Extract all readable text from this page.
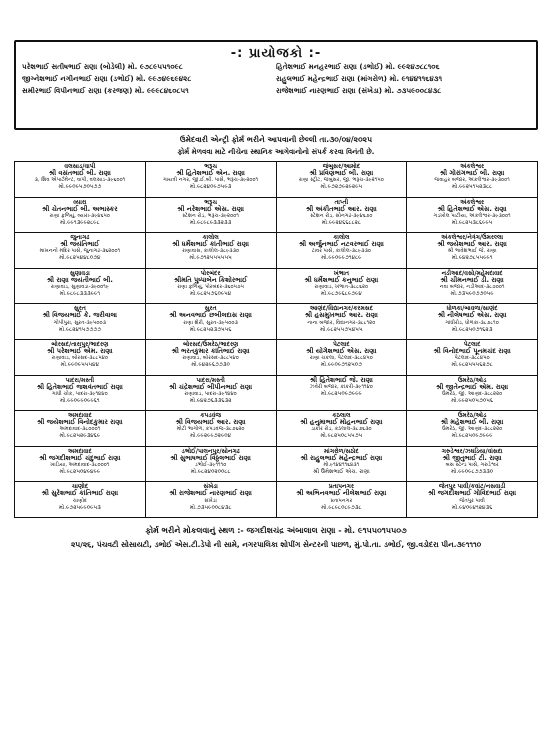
-: પ્રાયોજકો :-
પરેશભાઈ સતીષભાઈ રાણા (બોડેલી) મો. ૯૭૮૯૫૫૧૦૯૮	હિતેશભાઈ મનહરભાઈ રાણા (ડભોઈ) મો. ૯૯૨૪૭૮૮૧૦૬
જીગ્નેશભાઈ નગીનભાઈ રાણા (ડભોઈ) મો. ૯૯૭૪૯૬૯૪૨૮	રાહુલભાઈ મહેન્દ્રભાઈ રાણા (માંગરોળ) મો. ૯૧૪૪૧૧૬૪૩૧
સમીરભાઈ વિપીનભાઈ રાણા (કરજણ) મો. ૯૯૯૮૪૬૦૮૫૧	રાજેશભાઈ નારણભાઈ રાણા (સંખેડા) મો. ૭૩૫૯૦૦૮૪૩૮
ઉમેદવારી એન્ટ્રી ફોર્મ ભરીને આપવાની છેલ્લી તા.૩૦/૦૪/૨૦૨૫
ફોર્મ મેળવવા માટે નીચેના સ્થાનિક આગેવાનોનો સંપર્ક કરવા વિનંતી છે.
વલસાડ/વાપી
શ્રી વસંતભાઈ બી. રાણા
૩, શિવ એપાર્ટમેન્ટ, વાપી, વલસાડ-૩૯૬૦૦૧
મો.૯૯૦૯૫૭૦૫૭૭
ભરૂચ
શ્રી હિતેશભાઈ એન. રાણા
ગાયત્રી નગર, જી.ઈ.બી. પાસે, ભરૂચ-૩૯૨૦૦૧
મો.૯૮૨૪૦૯૭૫૯૩
જંબુસર/આમોદ
શ્રી પ્રવિણભાઈ બી. રાણા
રાણા સ્ટ્રીટ, જંબુસર, જી. ભરૂચ-૩૯૨૧૫૦
મો.૯૭૨૭૯૨૯૨૯૫
અંકલેશ્વર
શ્રી ગોરાંગભાઈ બી. રાણા
જવાહર બજાર, અંકલેશ્વર-૩૯૩૦૦૧
મો.૯૯૨૫૧૫૨૩૮૮
વ્યારા
શ્રી ચેતનભાઈ બી. અભાસ્કર
રાણા ફળિયું, વ્યારા-૩૯૪૬૫૦
મો.૯૯૧૩૯૯૨૮૯૮
ભરૂચ
શ્રી નરેશભાઈ એસ. રાણા
સ્ટેશન રોડ, ભરૂચ-૩૯૨૦૦૧
મો.૯૮૯૮૯૩૩૨૩૩
તાપ્તી
શ્રી અંકીતભાઈ આર. રાણા
સ્ટેશન રોડ, સોનગઢ-૩૯૪૬૭૦
મો.૯૯૨૪૬૬૮૮૨૮
અંકલેશ્વર
શ્રી હિતેશભાઈ એસ. રાણા
ગડખોલ પાટીયા, અંકલેશ્વર-૩૯૩૦૦૧
મો.૯૮૨૫૩૮૬૯૯૫
જુનાગઢ
શ્રી જયંતિભાઈ
માખનનો મંદિર પાસે, જુનાગઢ-૩૬૨૦૦૧
મો.૯૮૨૫૪૪૮૦૭૪
કાલોલ
શ્રી ધર્મેશભાઈ કાંતીભાઈ રાણા
રાણાવાસ, કાલોલ-૩૮૯૩૩૦
મો.૯૭૧૨૫૫૫૫૫૫
કાલોલ
શ્રી અર્જુનભાઈ નટવરભાઈ રાણા
ટાવર પાસે, કાલોલ-૩૮૯૩૩૦
મો.૯૯૦૯૯૭૧૪૮૯
અંકલેશ્વર/નેત્રંગ/ઉમરલ્લા
શ્રી જયેશભાઈ આર. રાણા
શ્રી ભાવેશભાઈ જે. રાણા
મો.૯૪૨૭૮૫૫૯૯૧
સુણાવડા
શ્રી રાણા જયંતીભાઈ બી.
રાણાવાડ, સુણાવડા-૩૯૦૦૧૯
મો.૯૮૯૮૩૩૩૯૯૧
પોરબંદર
શ્રીમતિ પુષ્પાબેન કિશોરભાઈ
રાણા ફળિયું, પોરબંદર-૩૬૦૫૭૫
મો.૯૮૨૫૭૬૦૯૫૪
ખંભાત
શ્રી ધર્મેશભાઈ કનુભાઈ રાણા
રાણાવાડ, ખંભાત-૩૮૮૬૨૦
મો.૯૮૭૯૬૮૯૭૯૪
નડીઆદ/વસો/મહેમદાવાદ
શ્રી ચીમનભાઈ ડી. રાણા
નવા બજાર, નડીઆદ-૩૮૭૦૦૧
મો.૭૩૫૯૦૭૭૦૫૯
સુરત
શ્રી વિજયભાઈ કે. જરીવાલા
ગોપીપુરા, સુરત-૩૯૫૦૦૩
મો.૯૮૨૪૧૫૭૭૭૭
સુરત
શ્રી અનવભાઈ છબીલદાસ રાણા
રાણા શેરી, સુરત-૩૯૫૦૦૩
મો.૯૮૨૫૨૩૭૫૫૬
આણંદ/વિદ્યાનગર/કરમસદ
શ્રી હસમુખભાઈ આર. રાણા
નાના બજાર, વિદ્યાનગર-૩૮૮૧૨૦
મો.૯૮૨૫૫૭૫૪૫૫
ધોળકા/બાવળા/સાણંદ
શ્રી નીલેષભાઈ એસ. રાણા
ગાંધીરોડ, ધોળકા-૩૮૭૮૧૦
મો.૯૮૨૫૦૭૧૬૨૩
બોરસદ/તારાપુર/ભાદરણ
શ્રી પરેશભાઈ એમ. રાણા
રાણાવાડ, બોરસદ-૩૮૮૫૪૦
મો.૯૯૦૯૫૫૫૪૪
બોરસદ/ઉમરેઠ/ભાદરણ
શ્રી ભરતકુમાર કાંતિભાઈ રાણા
રાણાવાડ, બોરસદ-૩૮૮૫૪૦
મો.૯૪૨૯૬૭૭૩૦
પેટલાદ
શ્રી યોગેશભાઈ એસ. રાણા
રાણા ચકલા, પેટલાદ-૩૮૮૪૫૦
મો.૯૯૦૯૭૧૨૫૦૭
પેટલાદ
શ્રી વિનોદભાઈ પૂનમચંદ રાણા
પેટલાદ-૩૮૮૪૫૦
મો.૯૮૨૫૫૫૬૨૭૮
પાદરા/મસ્તી
શ્રી હિતેશભાઈ જશવંતભાઈ રાણા
ગાંધી ચોક, પાદરા-૩૯૧૪૪૦
મો.૯૯૦૯૯૦૯૯૬૧
પાદરા/મસ્તી
શ્રી ચંદ્રેશભાઈ બીપીનભાઈ રાણા
રાણાવાડ, પાદરા-૩૯૧૪૪૦
મો.૯૪૨૭૬૩૩૬૩૨
શ્રી હિતેશભાઈ જે. રાણા
ઝવેરી બજાર, કાંકરી-૩૯૧૧૪૦
મો.૯૮૨૫૦૯૭૯૯૯
ઉમરેઠ/ઓડ
શ્રી જીતેન્દ્રભાઈ એમ. રાણા
ઉમરેઠ, જી. આણંદ-૩૮૮૨૨૦
મો.૯૯૨૫૦૫૭૦૫૬
અમદાવાદ
શ્રી જયેશભાઈ વિનોદકુમાર રાણા
અમદાવાદ-૩૮૦૦૦૧
મો.૯૮૨૫૨૯૩૪૬૯
કપડવંજ
શ્રી વિજયભાઈ આર. રાણા
મોટી ભાગોળ, કપડવંજ-૩૮૭૬૨૦
મો.૯૯૨૯૯૭૨૯૦૪
કઠલાલ
શ્રી હનુમાભાઈ મોહનભાઈ રાણા
ડાકોર રોડ, કઠલાલ-૩૮૭૬૩૦
મો.૯૮૨૫૦૮૫૫૭૫
ઉમરેઠ/ઓડ
શ્રી મહેશભાઈ બી. રાણા
ઉમરેઠ, જી. આણંદ-૩૮૮૨૨૦
મો.૯૮૨૫૦૯૭૯૯૯
અમદાવાદ
શ્રી જગદીશભાઈ ચંદુભાઈ રાણા
ખાડિયા, અમદાવાદ-૩૮૦૦૦૧
મો.૯૮૨૫૦૪૯૪૯૯
ડભોઈ/પાલનપુર/સોનગઢ
શ્રી સુભાષભાઈ વિઠ્ઠલભાઈ રાણા
ડભોઈ-૩૯૧૧૧૦
મો.૯૮૨૪૦૨૦૦૮૮
માંગરોળ/સઠોદ
શ્રી રાહુલભાઈ મહેન્દ્રભાઈ રાણા
મો.૯૧૪૪૧૧૬૪૩૧
શ્રી ઉમેશભાઈ એચ. રાણા
ગરુડેશ્વર/ઝઘડિયા/વાંસદા
શ્રી જીતુભાઈ ટી. રાણા
બસ સ્ટેન્ડ પાસે, ગરુડેશ્વર
મો.૯૯૦૯૮૭૭૩૩૦
ચાણોદ
શ્રી સુરેશભાઈ કાંતિભાઈ રાણા
ચાણોદ
મો.૯૭૨૫૯૯૦૯૫૩
સંખેડા
શ્રી રાજેશભાઈ નારણભાઈ રાણા
સંખેડા
મો.૭૩૫૯૦૦૮૪૩૮
પ્રતાપનગર
શ્રી અભિનવભાઈ નીલેશભાઈ રાણા
પ્રતાપનગર
મો.૯૮૯૮૦૮૯૭૩૮
જેતપુર પાવી/કવાંટ/નસવાડી
શ્રી જગદીશભાઈ ગોવિંદભાઈ રાણા
જેતપુર પાવી
મો.૯૪૦૯૪૧૨૪૩૬
ફોર્મ ભરીને મોકલવાનું સ્થળ :- જગદીશચંદ્ર અંબાલાલ રાણા - મો. ૯૧૫૫૦૧૫૫૦૭
૨૫/૨૬, પંચવટી સોસાયટી, ડભોઈ એસ.ટી.ડેપો ની સામે, નગરપાલિકા શોપીંગ સેન્ટરની પાછળ, મું.પો.તા. ડભોઈ, જી.વડોદરા પીન.૩૯૧૧૧૦
